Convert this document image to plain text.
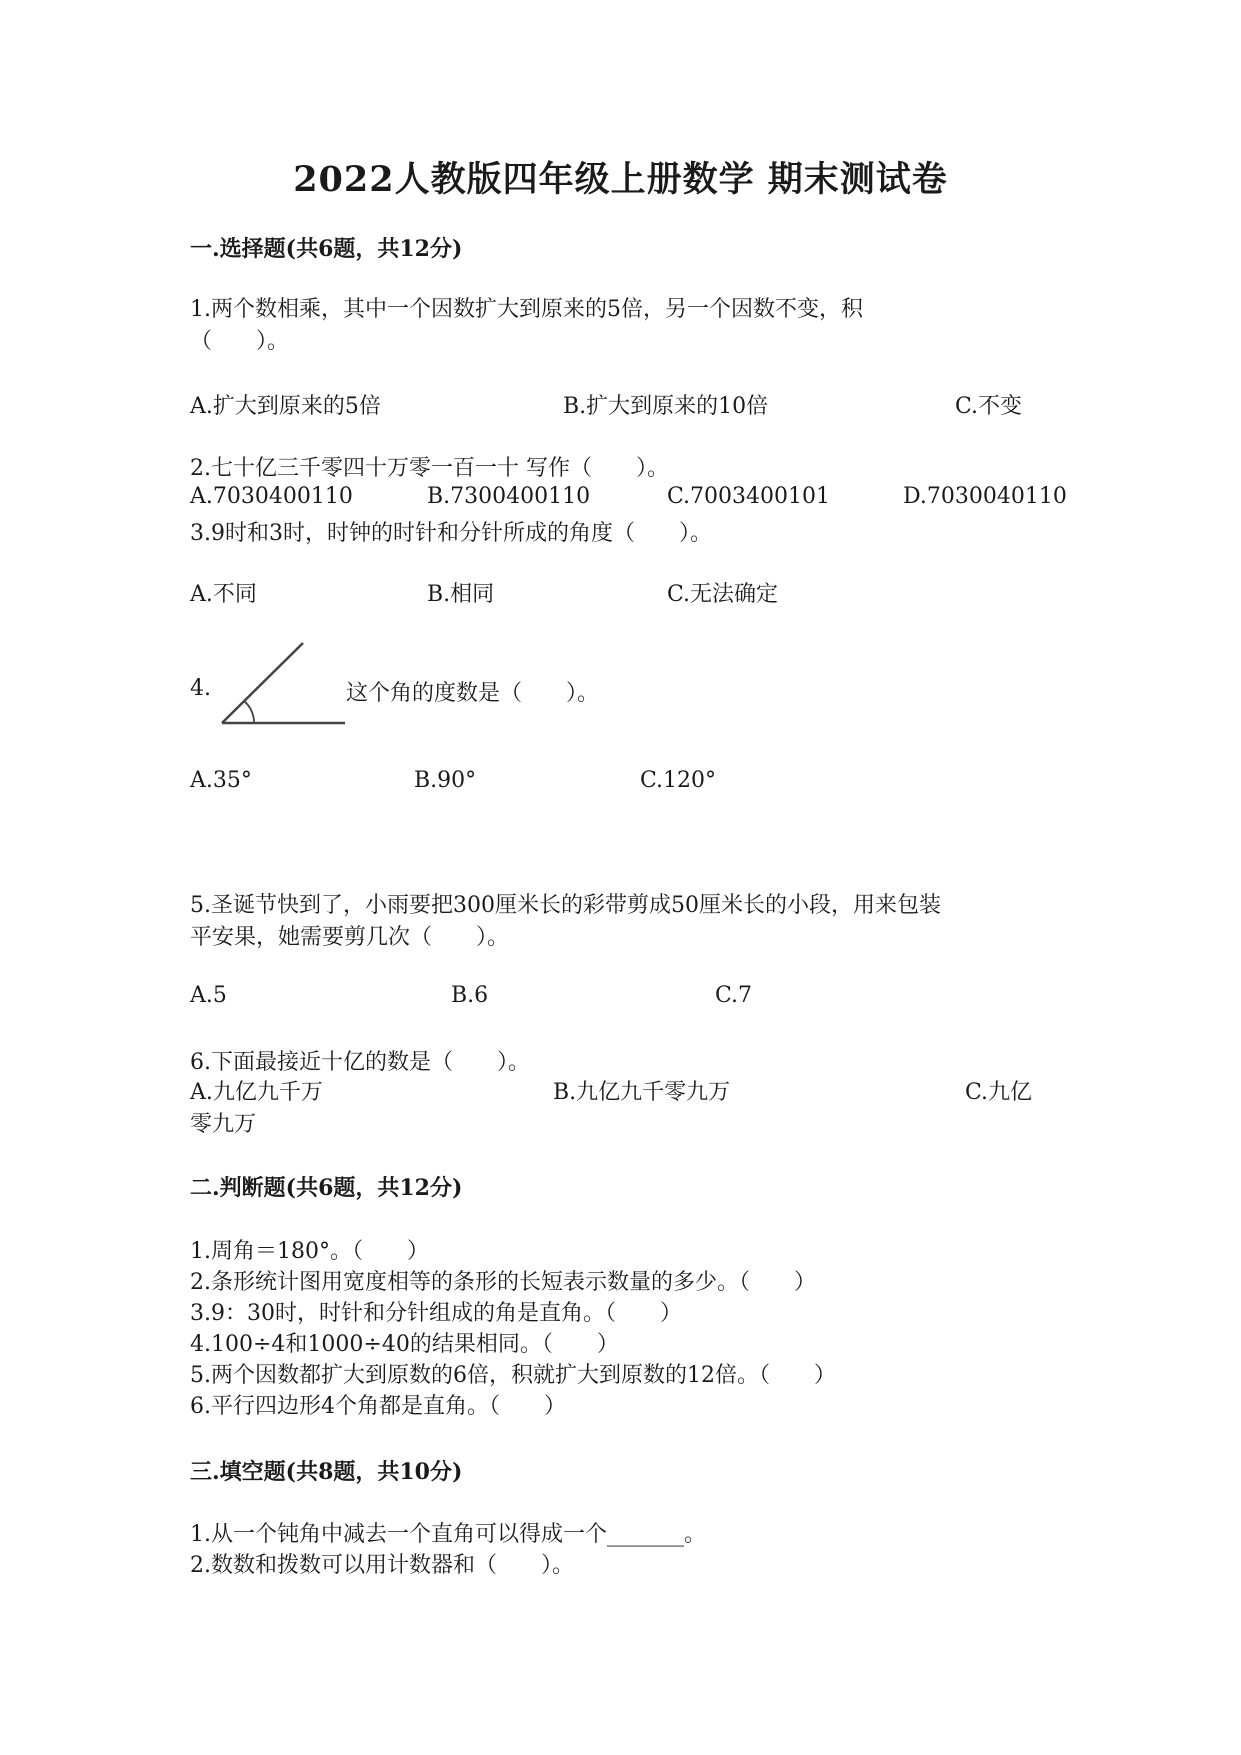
2022人教版四年级上册数学 期末测试卷
一.选择题(共6题，共12分)
1.两个数相乘，其中一个因数扩大到原来的5倍，另一个因数不变，积
（　　）。
A.扩大到原来的5倍	B.扩大到原来的10倍	C.不变
2.七十亿三千零四十万零一百一十 写作（　　）。
A.7030400110	B.7300400110	C.7003400101	D.7030040110
3.9时和3时，时钟的时针和分针所成的角度（　　）。
A.不同	B.相同	C.无法确定
4.	这个角的度数是（　　）。
A.35°	B.90°	C.120°
5.圣诞节快到了，小雨要把300厘米长的彩带剪成50厘米长的小段，用来包装
平安果，她需要剪几次（　　）。
A.5	B.6	C.7
6.下面最接近十亿的数是（　　）。
A.九亿九千万	B.九亿九千零九万	C.九亿
零九万
二.判断题(共6题，共12分)
1.周角＝180°。（　　）
2.条形统计图用宽度相等的条形的长短表示数量的多少。（　　）
3.9：30时，时针和分针组成的角是直角。（　　）
4.100÷4和1000÷40的结果相同。（　　）
5.两个因数都扩大到原数的6倍，积就扩大到原数的12倍。（　　）
6.平行四边形4个角都是直角。（　　）
三.填空题(共8题，共10分)
1.从一个钝角中减去一个直角可以得成一个_______。
2.数数和拨数可以用计数器和（　　）。
